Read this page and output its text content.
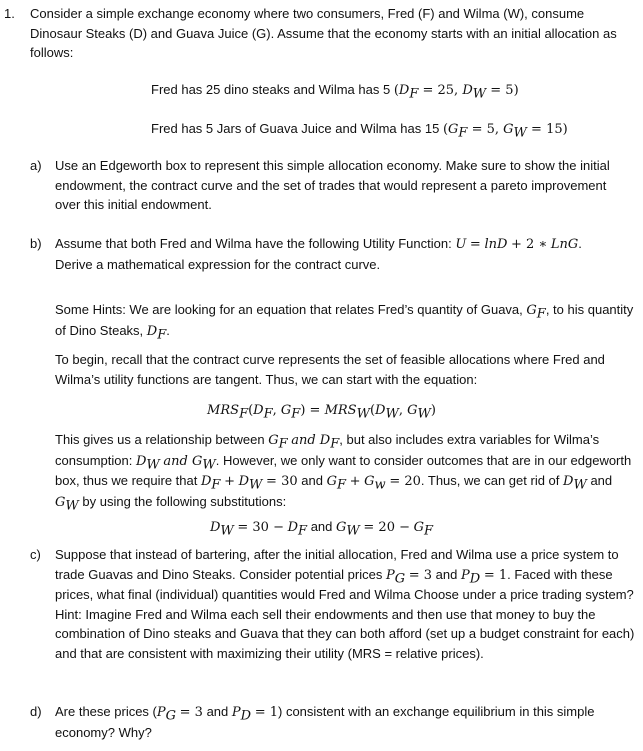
1. Consider a simple exchange economy where two consumers, Fred (F) and Wilma (W), consume Dinosaur Steaks (D) and Guava Juice (G). Assume that the economy starts with an initial allocation as follows:
Fred has 25 dino steaks and Wilma has 5 ($D_F = 25$, $D_W = 5$)
Fred has 5 Jars of Guava Juice and Wilma has 15 ($G_F = 5$, $G_W = 15$)
a) Use an Edgeworth box to represent this simple allocation economy. Make sure to show the initial endowment, the contract curve and the set of trades that would represent a pareto improvement over this initial endowment.
b) Assume that both Fred and Wilma have the following Utility Function: U = lnD + 2 ∗ LnG.
Derive a mathematical expression for the contract curve.
Some Hints: We are looking for an equation that relates Fred’s quantity of Guava, $G_F$, to his quantity of Dino Steaks, $D_F$.
To begin, recall that the contract curve represents the set of feasible allocations where Fred and Wilma’s utility functions are tangent. Thus, we can start with the equation:
$MRS_F(D_F$, $G_F) = MRS_W(D_W$, $G_W$)
This gives us a relationship between $G_F$ and $D_F$, but also includes extra variables for Wilma’s consumption: $D_W$ and $G_W$. However, we only want to consider outcomes that are in our edgeworth box, thus we require that $D_F + D_W = 30$ and $G_F + G_w = 20$. Thus, we can get rid of $D_W$ and $G_W$ by using the following substitutions:
$D_W = 30 - D_F$ and $G_W = 20 - G_F$
c) Suppose that instead of bartering, after the initial allocation, Fred and Wilma use a price system to trade Guavas and Dino Steaks. Consider potential prices $P_G = 3$ and $P_D = 1$. Faced with these prices, what final (individual) quantities would Fred and Wilma Choose under a price trading system? Hint: Imagine Fred and Wilma each sell their endowments and then use that money to buy the combination of Dino steaks and Guava that they can both afford (set up a budget constraint for each) and that are consistent with maximizing their utility (MRS = relative prices).
d) Are these prices ($P_G = 3$ and $P_D = 1$) consistent with an exchange equilibrium in this simple economy? Why?
